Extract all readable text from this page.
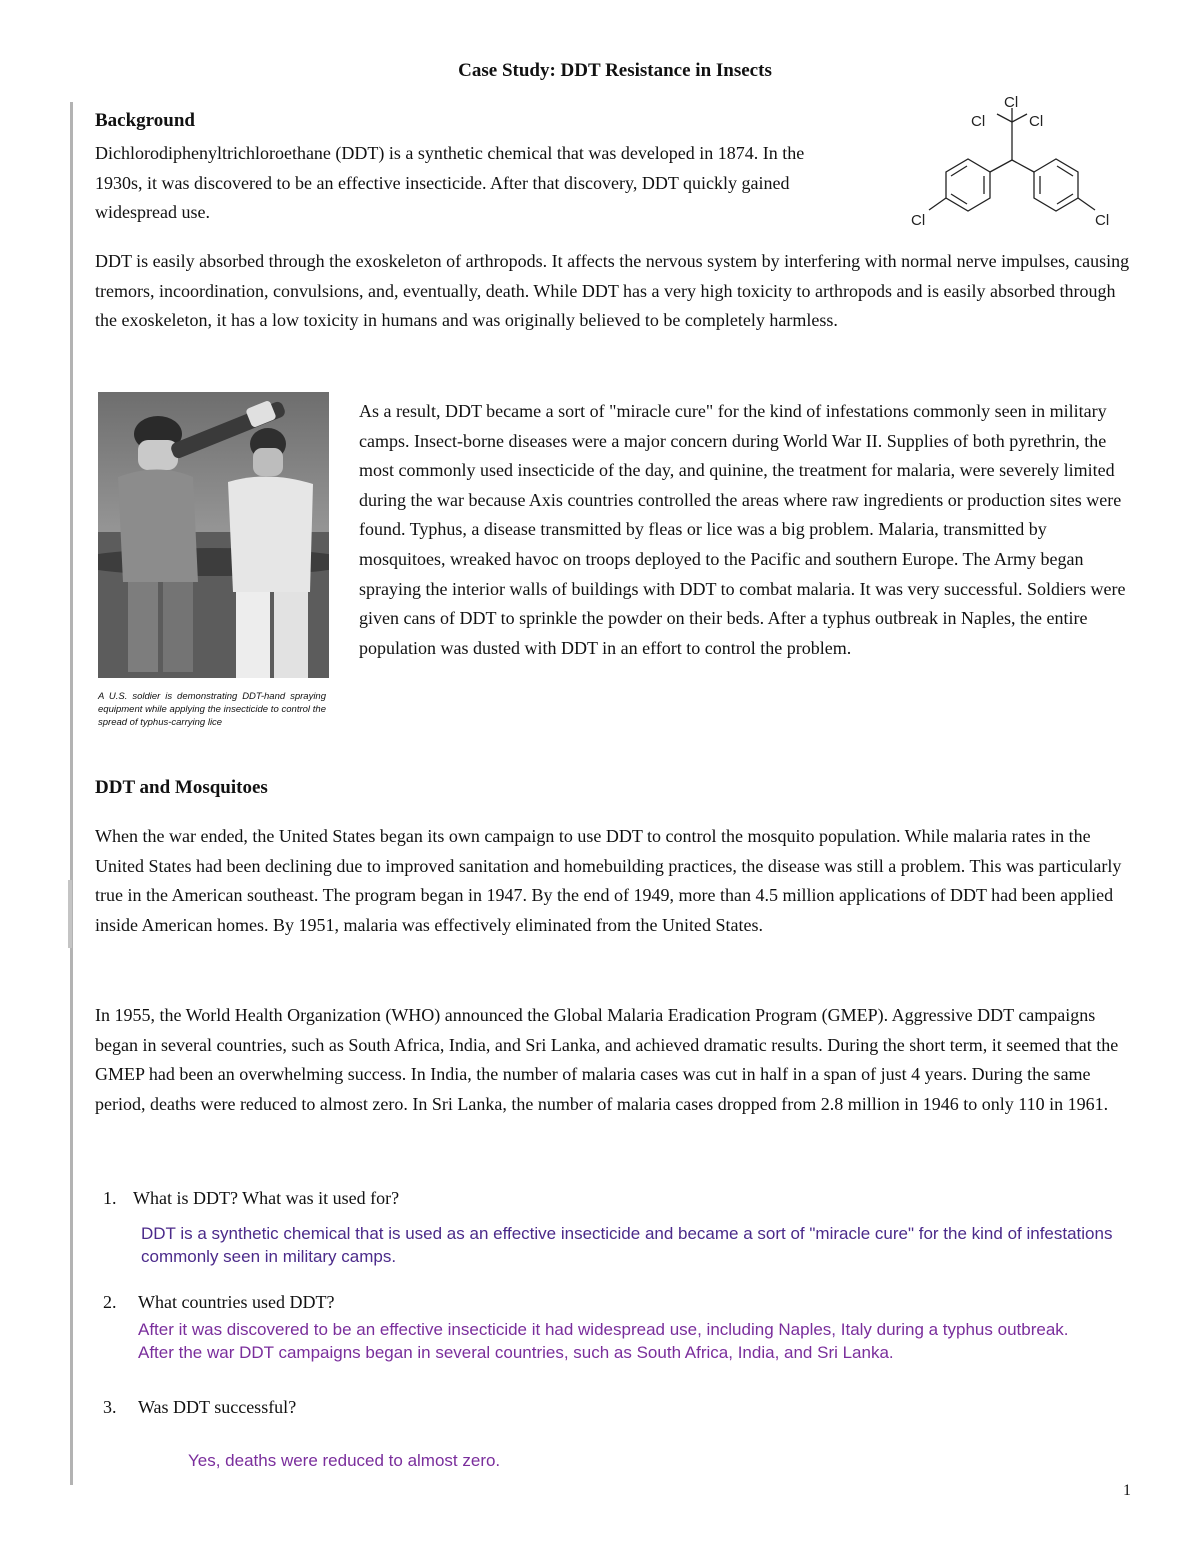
Case Study: DDT Resistance in Insects
Background

Dichlorodiphenyltrichloroethane (DDT) is a synthetic chemical that was developed in 1874. In the 1930s, it was discovered to be an effective insecticide. After that discovery, DDT quickly gained widespread use.

Cl
Cl	Cl
Cl	Cl

DDT is easily absorbed through the exoskeleton of arthropods. It affects the nervous system by interfering with normal nerve impulses, causing tremors, incoordination, convulsions, and, eventually, death. While DDT has a very high toxicity to arthropods and is easily absorbed through the exoskeleton, it has a low toxicity in humans and was originally believed to be completely harmless.

A U.S. soldier is demonstrating DDT-hand spraying equipment while applying the insecticide to control the spread of typhus-carrying lice

As a result, DDT became a sort of "miracle cure" for the kind of infestations commonly seen in military camps. Insect-borne diseases were a major concern during World War II. Supplies of both pyrethrin, the most commonly used insecticide of the day, and quinine, the treatment for malaria, were severely limited during the war because Axis countries controlled the areas where raw ingredients or production sites were found. Typhus, a disease transmitted by fleas or lice was a big problem. Malaria, transmitted by mosquitoes, wreaked havoc on troops deployed to the Pacific and southern Europe. The Army began spraying the interior walls of buildings with DDT to combat malaria. It was very successful. Soldiers were given cans of DDT to sprinkle the powder on their beds. After a typhus outbreak in Naples, the entire population was dusted with DDT in an effort to control the problem.

DDT and Mosquitoes

When the war ended, the United States began its own campaign to use DDT to control the mosquito population. While malaria rates in the United States had been declining due to improved sanitation and homebuilding practices, the disease was still a problem. This was particularly true in the American southeast. The program began in 1947. By the end of 1949, more than 4.5 million applications of DDT had been applied inside American homes. By 1951, malaria was effectively eliminated from the United States.

In 1955, the World Health Organization (WHO) announced the Global Malaria Eradication Program (GMEP). Aggressive DDT campaigns began in several countries, such as South Africa, India, and Sri Lanka, and achieved dramatic results. During the short term, it seemed that the GMEP had been an overwhelming success. In India, the number of malaria cases was cut in half in a span of just 4 years. During the same period, deaths were reduced to almost zero. In Sri Lanka, the number of malaria cases dropped from 2.8 million in 1946 to only 110 in 1961.

1. What is DDT? What was it used for?

DDT is a synthetic chemical that is used as an effective insecticide and became a sort of "miracle cure" for the kind of infestations commonly seen in military camps.

2. What countries used DDT?

After it was discovered to be an effective insecticide it had widespread use, including Naples, Italy during a typhus outbreak. After the war DDT campaigns began in several countries, such as South Africa, India, and Sri Lanka.

3. Was DDT successful?

Yes, deaths were reduced to almost zero.

1
